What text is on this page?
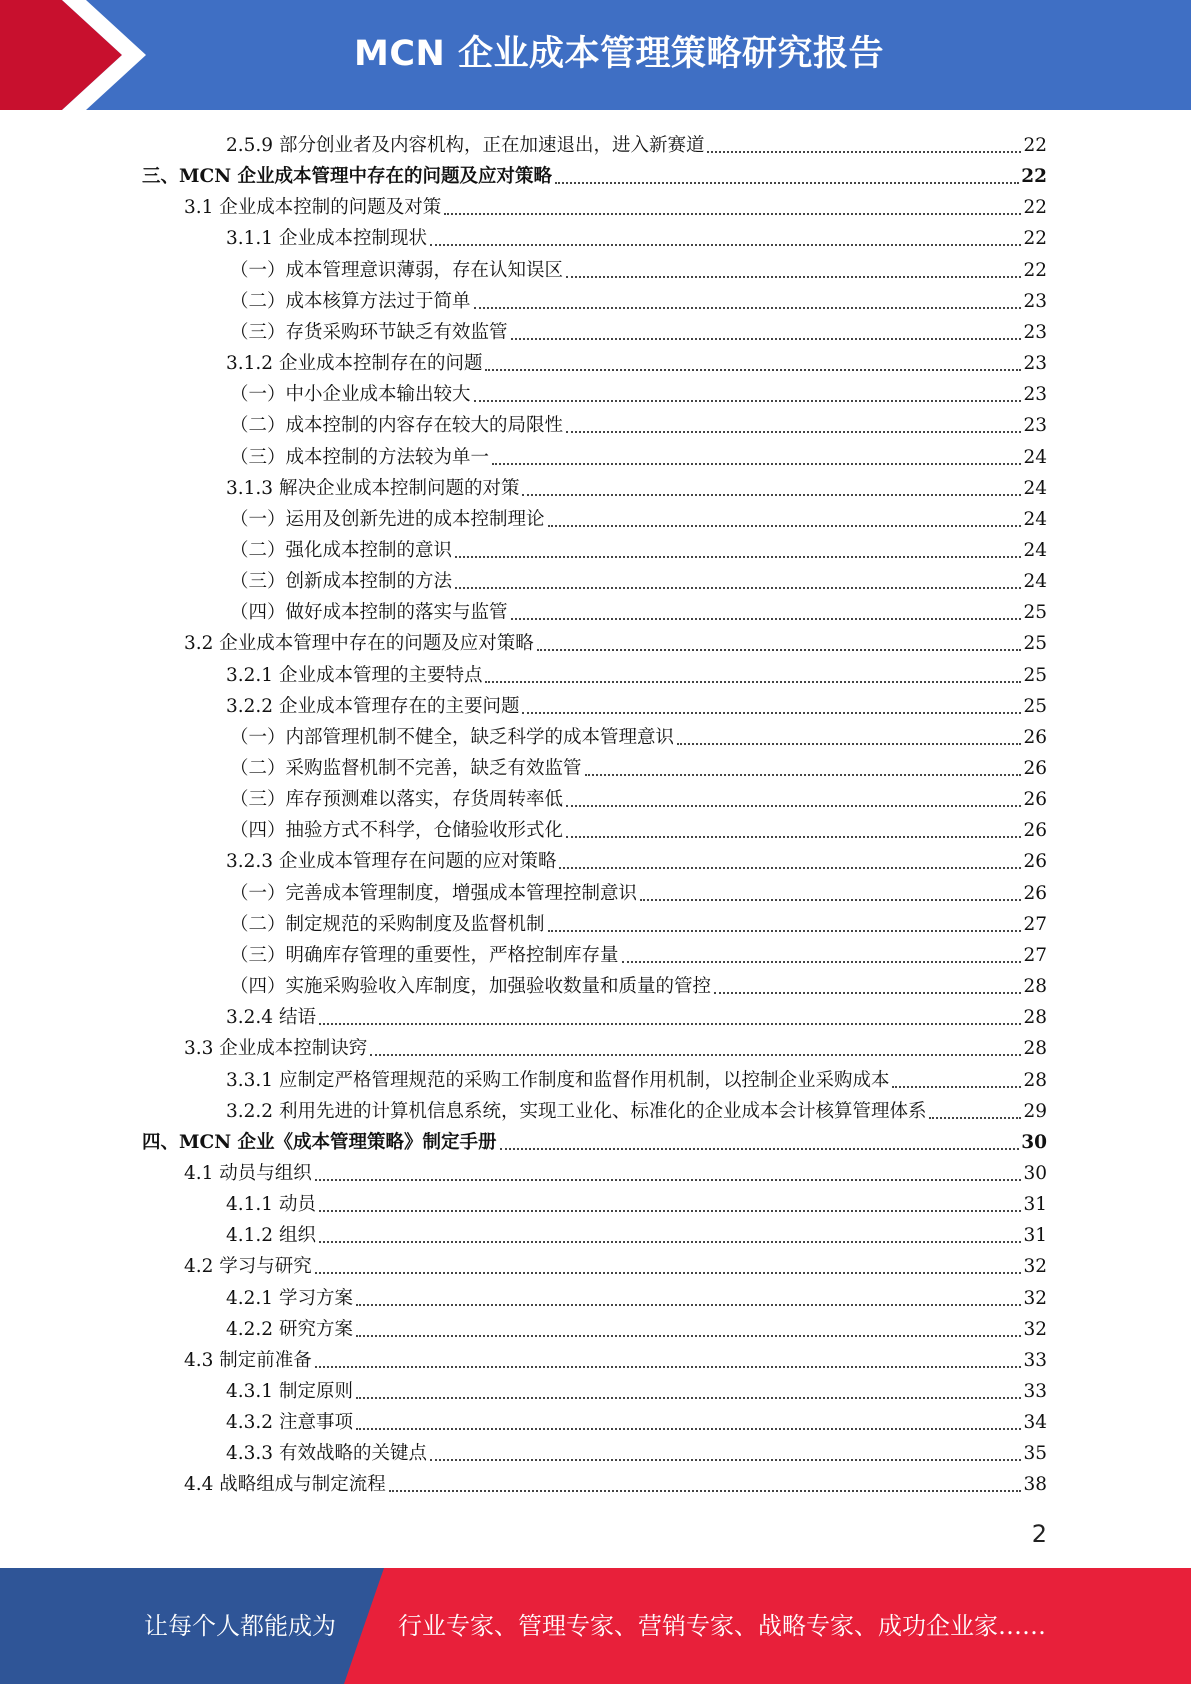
MCN 企业成本管理策略研究报告
2.5.9 部分创业者及内容机构，正在加速退出，进入新赛道	22
三、MCN 企业成本管理中存在的问题及应对策略	22
3.1 企业成本控制的问题及对策	22
3.1.1 企业成本控制现状	22
（一）成本管理意识薄弱，存在认知误区	22
（二）成本核算方法过于简单	23
（三）存货采购环节缺乏有效监管	23
3.1.2 企业成本控制存在的问题	23
（一）中小企业成本输出较大	23
（二）成本控制的内容存在较大的局限性	23
（三）成本控制的方法较为单一	24
3.1.3 解决企业成本控制问题的对策	24
（一）运用及创新先进的成本控制理论	24
（二）强化成本控制的意识	24
（三）创新成本控制的方法	24
（四）做好成本控制的落实与监管	25
3.2 企业成本管理中存在的问题及应对策略	25
3.2.1 企业成本管理的主要特点	25
3.2.2 企业成本管理存在的主要问题	25
（一）内部管理机制不健全，缺乏科学的成本管理意识	26
（二）采购监督机制不完善，缺乏有效监管	26
（三）库存预测难以落实，存货周转率低	26
（四）抽验方式不科学，仓储验收形式化	26
3.2.3 企业成本管理存在问题的应对策略	26
（一）完善成本管理制度，增强成本管理控制意识	26
（二）制定规范的采购制度及监督机制	27
（三）明确库存管理的重要性，严格控制库存量	27
（四）实施采购验收入库制度，加强验收数量和质量的管控	28
3.2.4 结语	28
3.3 企业成本控制诀窍	28
3.3.1 应制定严格管理规范的采购工作制度和监督作用机制，以控制企业采购成本	28
3.2.2 利用先进的计算机信息系统，实现工业化、标准化的企业成本会计核算管理体系	29
四、MCN 企业《成本管理策略》制定手册	30
4.1 动员与组织	30
4.1.1 动员	31
4.1.2 组织	31
4.2 学习与研究	32
4.2.1 学习方案	32
4.2.2 研究方案	32
4.3 制定前准备	33
4.3.1 制定原则	33
4.3.2 注意事项	34
4.3.3 有效战略的关键点	35
4.4 战略组成与制定流程	38
2
让每个人都能成为	行业专家、管理专家、营销专家、战略专家、成功企业家……
